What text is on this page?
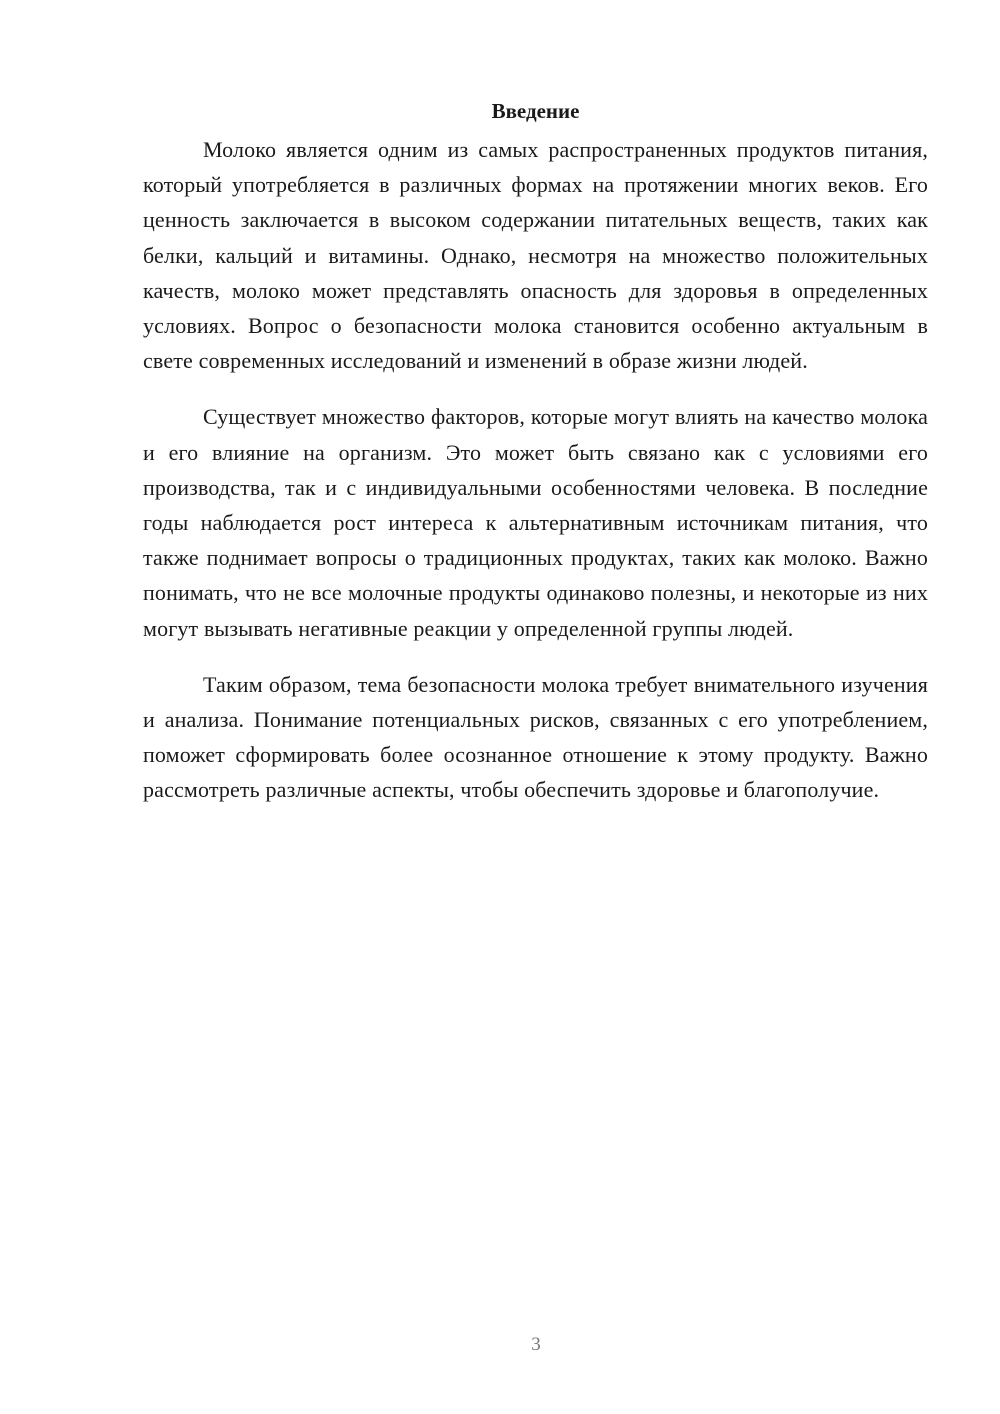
Введение

Молоко является одним из самых распространенных продуктов питания, который употребляется в различных формах на протяжении многих веков. Его ценность заключается в высоком содержании питательных веществ, таких как белки, кальций и витамины. Однако, несмотря на множество положительных качеств, молоко может представлять опасность для здоровья в определенных условиях. Вопрос о безопасности молока становится особенно актуальным в свете современных исследований и изменений в образе жизни людей.

Существует множество факторов, которые могут влиять на качество молока и его влияние на организм. Это может быть связано как с условиями его производства, так и с индивидуальными особенностями человека. В последние годы наблюдается рост интереса к альтернативным источникам питания, что также поднимает вопросы о традиционных продуктах, таких как молоко. Важно понимать, что не все молочные продукты одинаково полезны, и некоторые из них могут вызывать негативные реакции у определенной группы людей.

Таким образом, тема безопасности молока требует внимательного изучения и анализа. Понимание потенциальных рисков, связанных с его употреблением, поможет сформировать более осознанное отношение к этому продукту. Важно рассмотреть различные аспекты, чтобы обеспечить здоровье и благополучие.

3
